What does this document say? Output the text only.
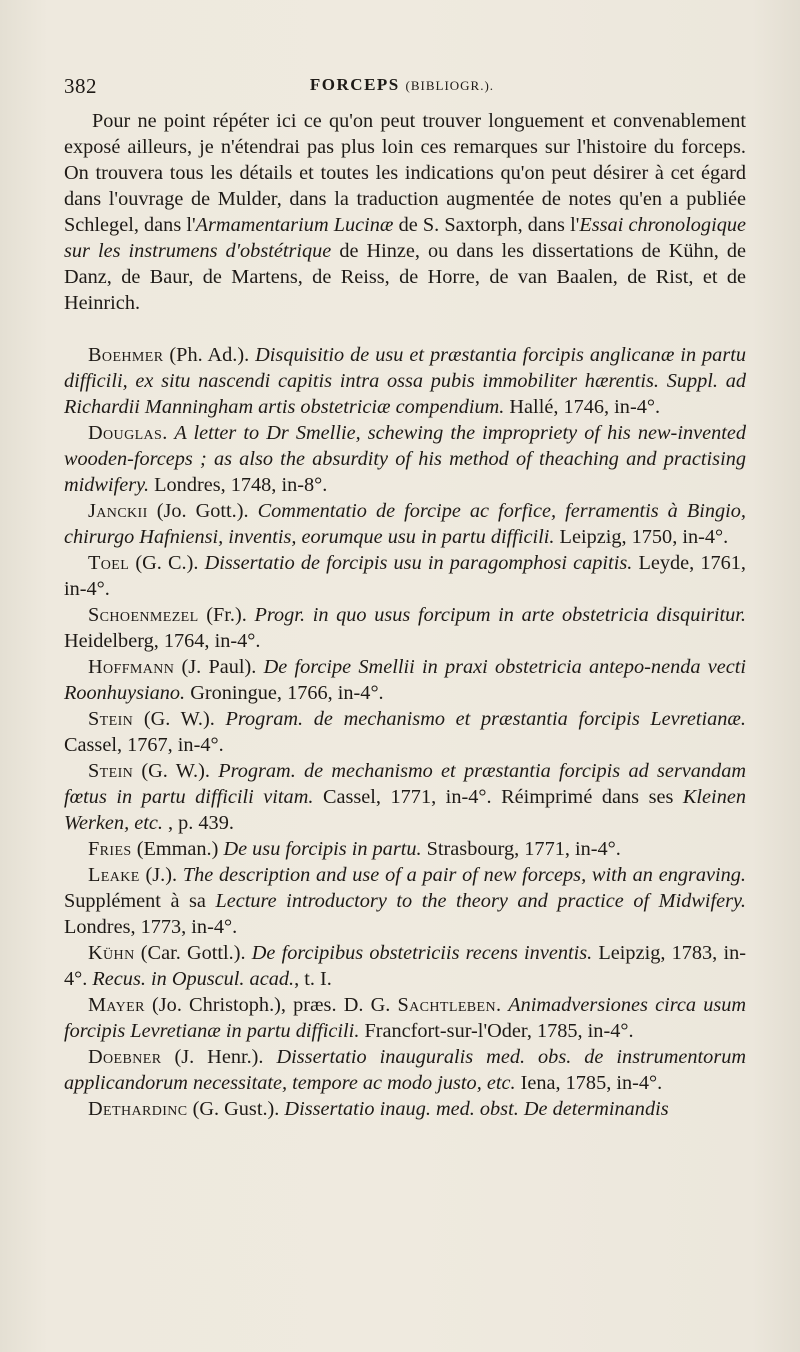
382	FORCEPS (BIBLIOGR.).

Pour ne point répéter ici ce qu'on peut trouver longuement et convenablement exposé ailleurs, je n'étendrai pas plus loin ces remarques sur l'histoire du forceps. On trouvera tous les détails et toutes les indications qu'on peut désirer à cet égard dans l'ouvrage de Mulder, dans la traduction augmentée de notes qu'en a publiée Schlegel, dans l'Armamentarium Lucinæ de S. Saxtorph, dans l'Essai chronologique sur les instrumens d'obstétrique de Hinze, ou dans les dissertations de Kühn, de Danz, de Baur, de Martens, de Reiss, de Horre, de van Baalen, de Rist, et de Heinrich.

Boehmer (Ph. Ad.). Disquisitio de usu et præstantia forcipis anglicanæ in partu difficili, ex situ nascendi capitis intra ossa pubis immobiliter hærentis. Suppl. ad Richardii Manningham artis obstetriciæ compendium. Hallé, 1746, in-4°.

Douglas. A letter to Dr Smellie, schewing the impropriety of his new-invented wooden-forceps ; as also the absurdity of his method of theaching and practising midwifery. Londres, 1748, in-8°.

Janckii (Jo. Gott.). Commentatio de forcipe ac forfice, ferramentis à Bingio, chirurgo Hafniensi, inventis, eorumque usu in partu difficili. Leipzig, 1750, in-4°.

Toel (G. C.). Dissertatio de forcipis usu in paragomphosi capitis. Leyde, 1761, in-4°.

Schoenmezel (Fr.). Progr. in quo usus forcipum in arte obstetricia disquiritur. Heidelberg, 1764, in-4°.

Hoffmann (J. Paul). De forcipe Smellii in praxi obstetricia antepo-nenda vecti Roonhuysiano. Groningue, 1766, in-4°.

Stein (G. W.). Program. de mechanismo et præstantia forcipis Levretianæ. Cassel, 1767, in-4°.

Stein (G. W.). Program. de mechanismo et præstantia forcipis ad servandam fœtus in partu difficili vitam. Cassel, 1771, in-4°. Réimprimé dans ses Kleinen Werken, etc. , p. 439.

Fries (Emman.) De usu forcipis in partu. Strasbourg, 1771, in-4°.

Leake (J.). The description and use of a pair of new forceps, with an engraving. Supplément à sa Lecture introductory to the theory and practice of Midwifery. Londres, 1773, in-4°.

Kühn (Car. Gottl.). De forcipibus obstetriciis recens inventis. Leipzig, 1783, in-4°. Recus. in Opuscul. acad., t. I.

Mayer (Jo. Christoph.), præs. D. G. Sachtleben. Animadversiones circa usum forcipis Levretianæ in partu difficili. Francfort-sur-l'Oder, 1785, in-4°.

Doebner (J. Henr.). Dissertatio inauguralis med. obs. de instrumentorum applicandorum necessitate, tempore ac modo justo, etc. Iena, 1785, in-4°.

Dethardinc (G. Gust.). Dissertatio inaug. med. obst. De determinandis
